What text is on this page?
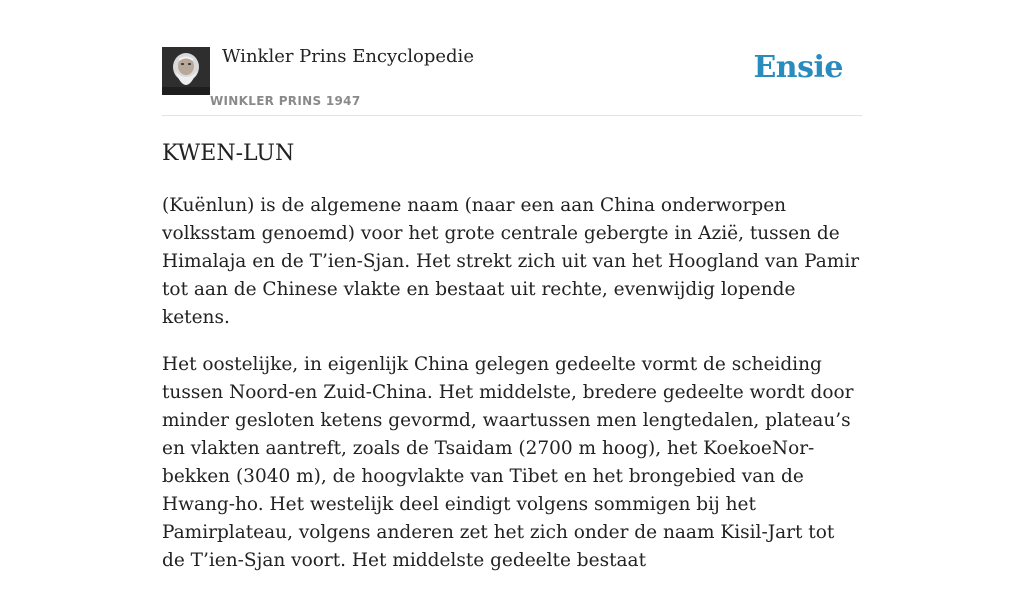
Winkler Prins Encyclopedie
WINKLER PRINS 1947
Ensie
KWEN-LUN

(Kuënlun) is de algemene naam (naar een aan China onderworpen volksstam genoemd) voor het grote centrale gebergte in Azië, tussen de Himalaja en de T’ien-Sjan. Het strekt zich uit van het Hoogland van Pamir tot aan de Chinese vlakte en bestaat uit rechte, evenwijdig lopende ketens.

Het oostelijke, in eigenlijk China gelegen gedeelte vormt de scheiding tussen Noord-en Zuid-China. Het middelste, bredere gedeelte wordt door minder gesloten ketens gevormd, waartussen men lengtedalen, plateau’s en vlakten aantreft, zoals de Tsaidam (2700 m hoog), het KoekoeNor-bekken (3040 m), de hoogvlakte van Tibet en het brongebied van de Hwang-ho. Het westelijk deel eindigt volgens sommigen bij het Pamirplateau, volgens anderen zet het zich onder de naam Kisil-Jart tot de T’ien-Sjan voort. Het middelste gedeelte bestaat
